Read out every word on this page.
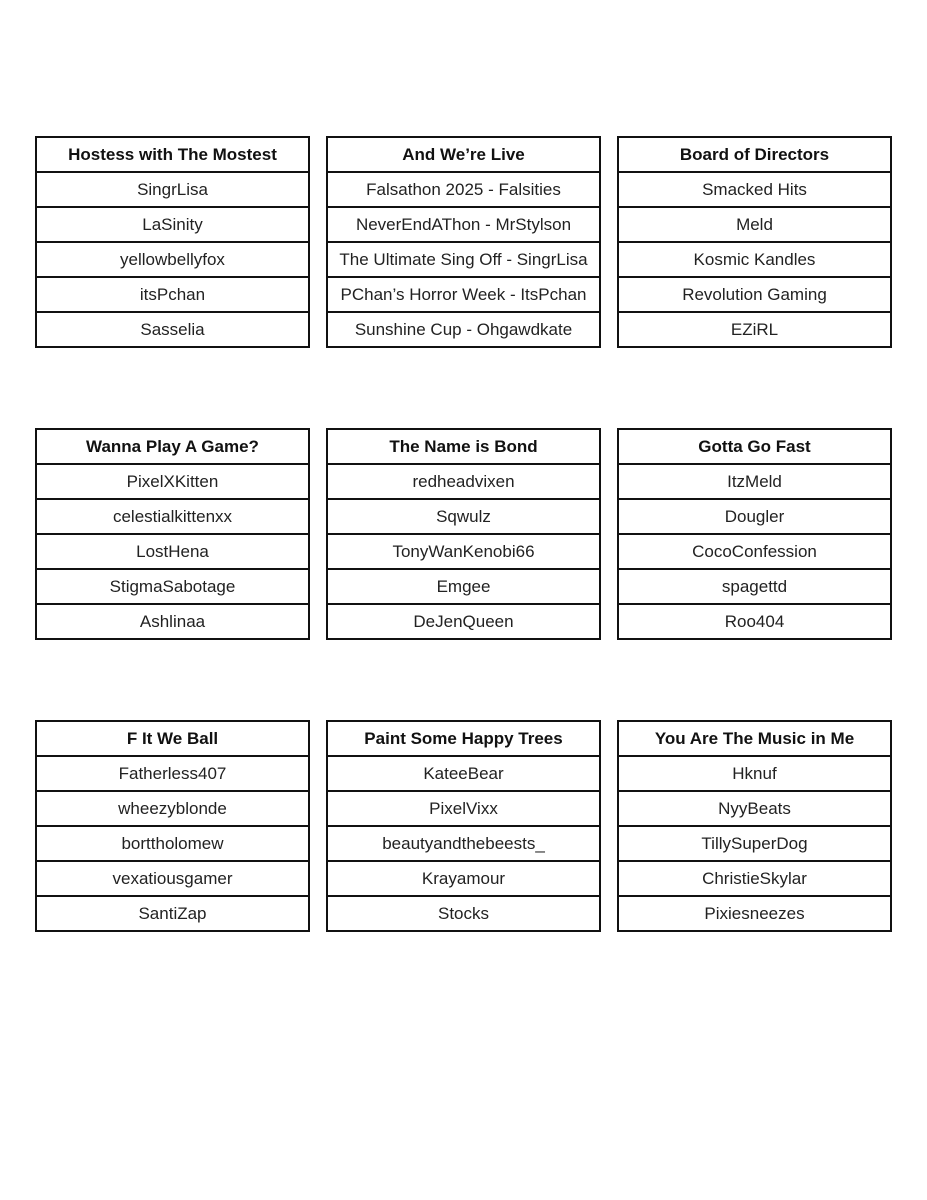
Hostess with The Mostest
SingrLisa
LaSinity
yellowbellyfox
itsPchan
Sasselia
And We’re Live
Falsathon 2025 - Falsities
NeverEndAThon - MrStylson
The Ultimate Sing Off - SingrLisa
PChan’s Horror Week - ItsPchan
Sunshine Cup - Ohgawdkate
Board of Directors
Smacked Hits
Meld
Kosmic Kandles
Revolution Gaming
EZiRL
Wanna Play A Game?
PixelXKitten
celestialkittenxx
LostHena
StigmaSabotage
Ashlinaa
The Name is Bond
redheadvixen
Sqwulz
TonyWanKenobi66
Emgee
DeJenQueen
Gotta Go Fast
ItzMeld
Dougler
CocoConfession
spagettd
Roo404
F It We Ball
Fatherless407
wheezyblonde
borttholomew
vexatiousgamer
SantiZap
Paint Some Happy Trees
KateeBear
PixelVixx
beautyandthebeests_
Krayamour
Stocks
You Are The Music in Me
Hknuf
NyyBeats
TillySuperDog
ChristieSkylar
Pixiesneezes
